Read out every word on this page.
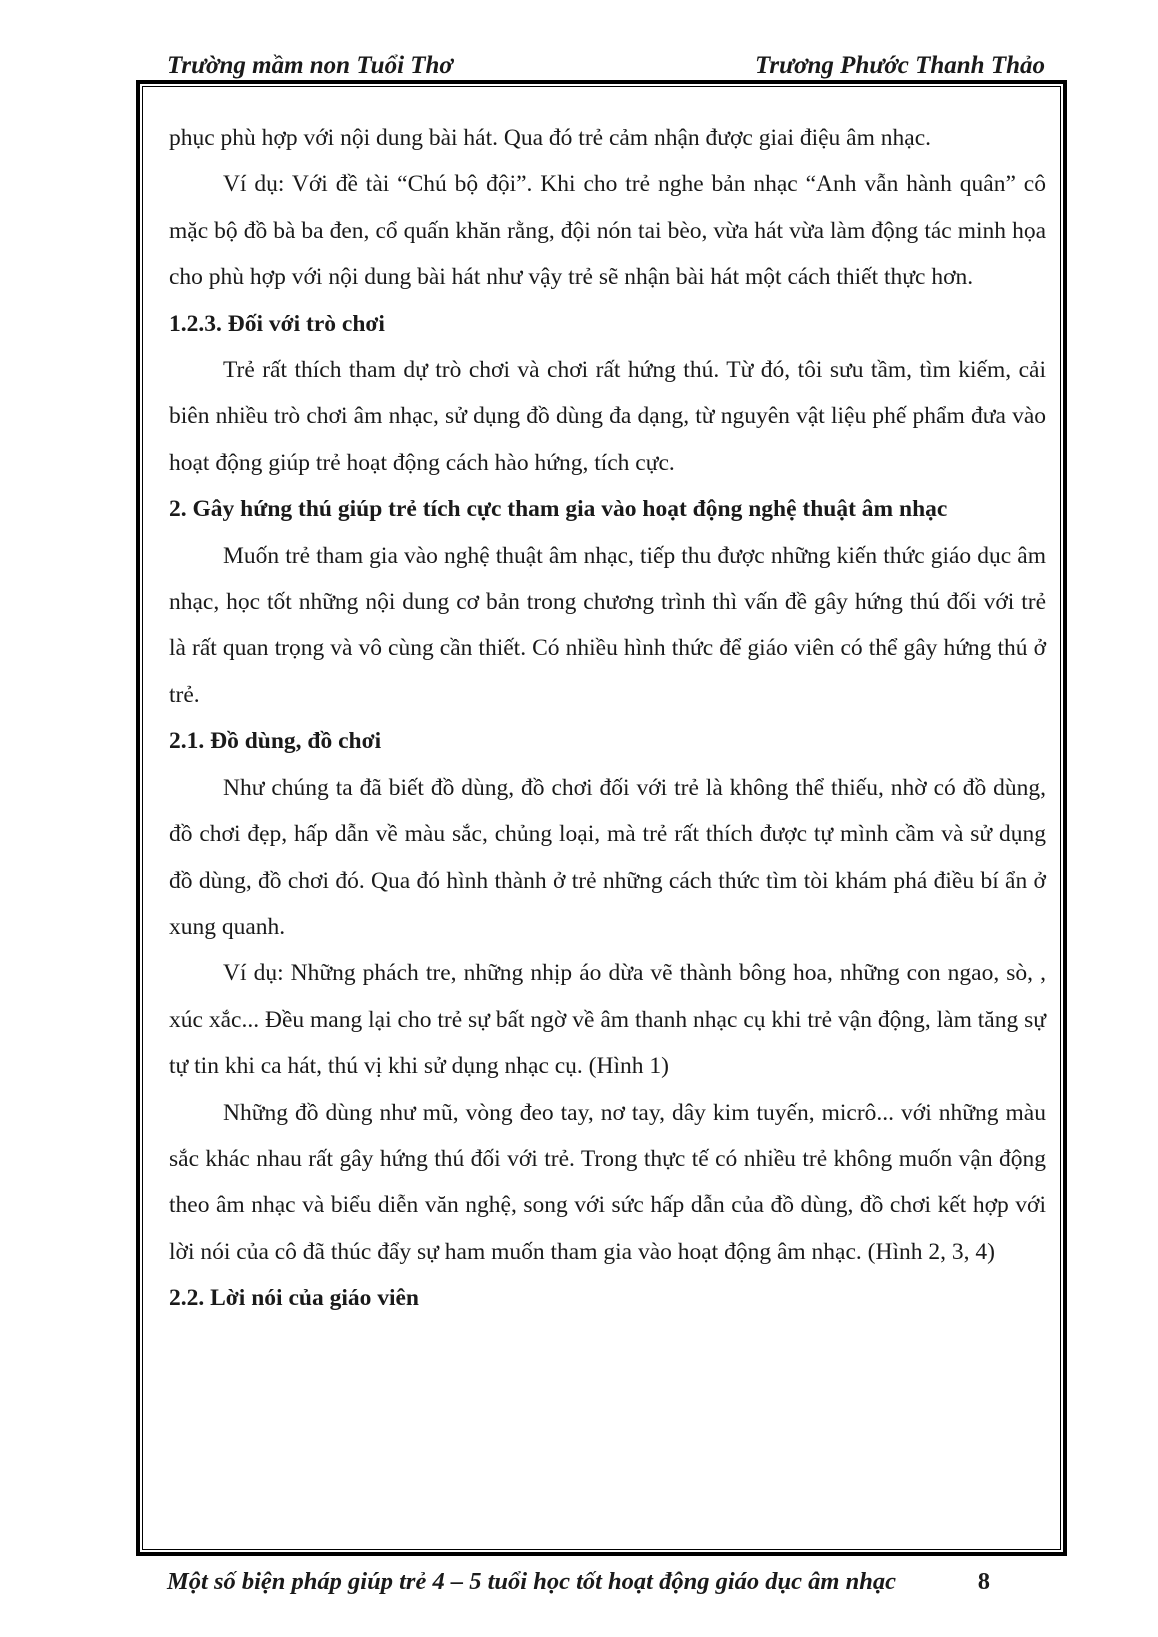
Trường mầm non Tuổi Thơ	Trương Phước Thanh Thảo

phục phù hợp với nội dung bài hát. Qua đó trẻ cảm nhận được giai điệu âm nhạc.

Ví dụ: Với đề tài “Chú bộ đội”. Khi cho trẻ nghe bản nhạc “Anh vẫn hành quân” cô mặc bộ đồ bà ba đen, cổ quấn khăn rằng, đội nón tai bèo, vừa hát vừa làm động tác minh họa cho phù hợp với nội dung bài hát như vậy trẻ sẽ nhận bài hát một cách thiết thực hơn.

1.2.3. Đối với trò chơi

Trẻ rất thích tham dự trò chơi và chơi rất hứng thú. Từ đó, tôi sưu tầm, tìm kiếm, cải biên nhiều trò chơi âm nhạc, sử dụng đồ dùng đa dạng, từ nguyên vật liệu phế phẩm đưa vào hoạt động giúp trẻ hoạt động cách hào hứng, tích cực.

2. Gây hứng thú giúp trẻ tích cực tham gia vào hoạt động nghệ thuật âm nhạc

Muốn trẻ tham gia vào nghệ thuật âm nhạc, tiếp thu được những kiến thức giáo dục âm nhạc, học tốt những nội dung cơ bản trong chương trình thì vấn đề gây hứng thú đối với trẻ là rất quan trọng và vô cùng cần thiết. Có nhiều hình thức để giáo viên có thể gây hứng thú ở trẻ.

2.1. Đồ dùng, đồ chơi

Như chúng ta đã biết đồ dùng, đồ chơi đối với trẻ là không thể thiếu, nhờ có đồ dùng, đồ chơi đẹp, hấp dẫn về màu sắc, chủng loại, mà trẻ rất thích được tự mình cầm và sử dụng đồ dùng, đồ chơi đó. Qua đó hình thành ở trẻ những cách thức tìm tòi khám phá điều bí ẩn ở xung quanh.

Ví dụ: Những phách tre, những nhịp áo dừa vẽ thành bông hoa, những con ngao, sò, , xúc xắc... Đều mang lại cho trẻ sự bất ngờ về âm thanh nhạc cụ khi trẻ vận động, làm tăng sự tự tin khi ca hát, thú vị khi sử dụng nhạc cụ. (Hình 1)

Những đồ dùng như mũ, vòng đeo tay, nơ tay, dây kim tuyến, micrô... với những màu sắc khác nhau rất gây hứng thú đối với trẻ. Trong thực tế có nhiều trẻ không muốn vận động theo âm nhạc và biểu diễn văn nghệ, song với sức hấp dẫn của đồ dùng, đồ chơi kết hợp với lời nói của cô đã thúc đẩy sự ham muốn tham gia vào hoạt động âm nhạc. (Hình 2, 3, 4)

2.2. Lời nói của giáo viên

Một số biện pháp giúp trẻ 4 – 5 tuổi học tốt hoạt động giáo dục âm nhạc	8
